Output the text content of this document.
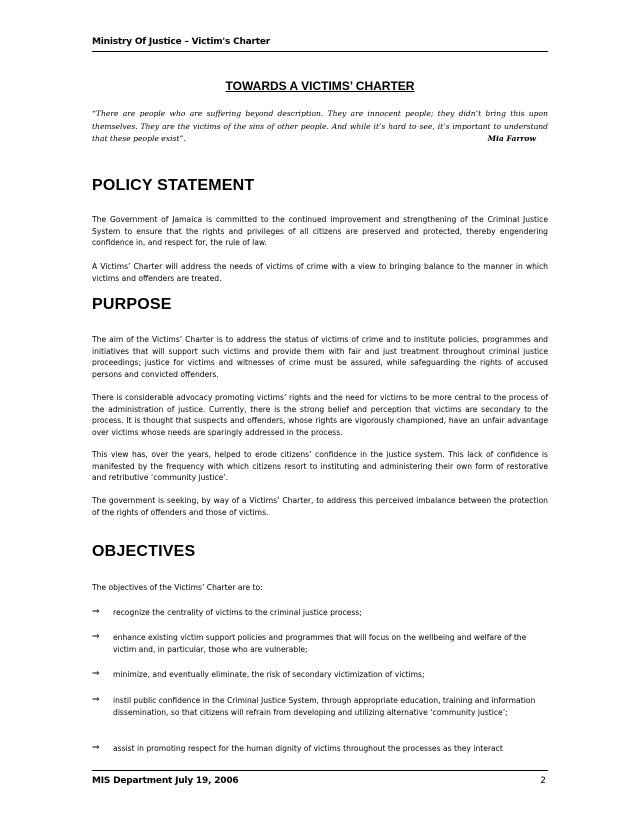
Ministry Of Justice – Victim's Charter
TOWARDS A VICTIMS’ CHARTER
“There are people who are suffering beyond description. They are innocent people; they didn’t bring this upon themselves. They are the victims of the sins of other people. And while it’s hard to see, it’s important to understand that these people exist”.	Mia Farrow
POLICY STATEMENT
The Government of Jamaica is committed to the continued improvement and strengthening of the Criminal Justice System to ensure that the rights and privileges of all citizens are preserved and protected, thereby engendering confidence in, and respect for, the rule of law.
A Victims’ Charter will address the needs of victims of crime with a view to bringing balance to the manner in which victims and offenders are treated.
PURPOSE
The aim of the Victims’ Charter is to address the status of victims of crime and to institute policies, programmes and initiatives that will support such victims and provide them with fair and just treatment throughout criminal justice proceedings; justice for victims and witnesses of crime must be assured, while safeguarding the rights of accused persons and convicted offenders.
There is considerable advocacy promoting victims’ rights and the need for victims to be more central to the process of the administration of justice. Currently, there is the strong belief and perception that victims are secondary to the process. It is thought that suspects and offenders, whose rights are vigorously championed, have an unfair advantage over victims whose needs are sparingly addressed in the process.
This view has, over the years, helped to erode citizens’ confidence in the justice system. This lack of confidence is manifested by the frequency with which citizens resort to instituting and administering their own form of restorative and retributive ‘community justice’.
The government is seeking, by way of a Victims’ Charter, to address this perceived imbalance between the protection of the rights of offenders and those of victims.
OBJECTIVES
The objectives of the Victims’ Charter are to:
⇒ recognize the centrality of victims to the criminal justice process;
⇒ enhance existing victim support policies and programmes that will focus on the wellbeing and welfare of the victim and, in particular, those who are vulnerable;
⇒ minimize, and eventually eliminate, the risk of secondary victimization of victims;
⇒ instil public confidence in the Criminal Justice System, through appropriate education, training and information dissemination, so that citizens will refrain from developing and utilizing alternative ‘community justice’;
⇒ assist in promoting respect for the human dignity of victims throughout the processes as they interact
MIS Department July 19, 2006	2
